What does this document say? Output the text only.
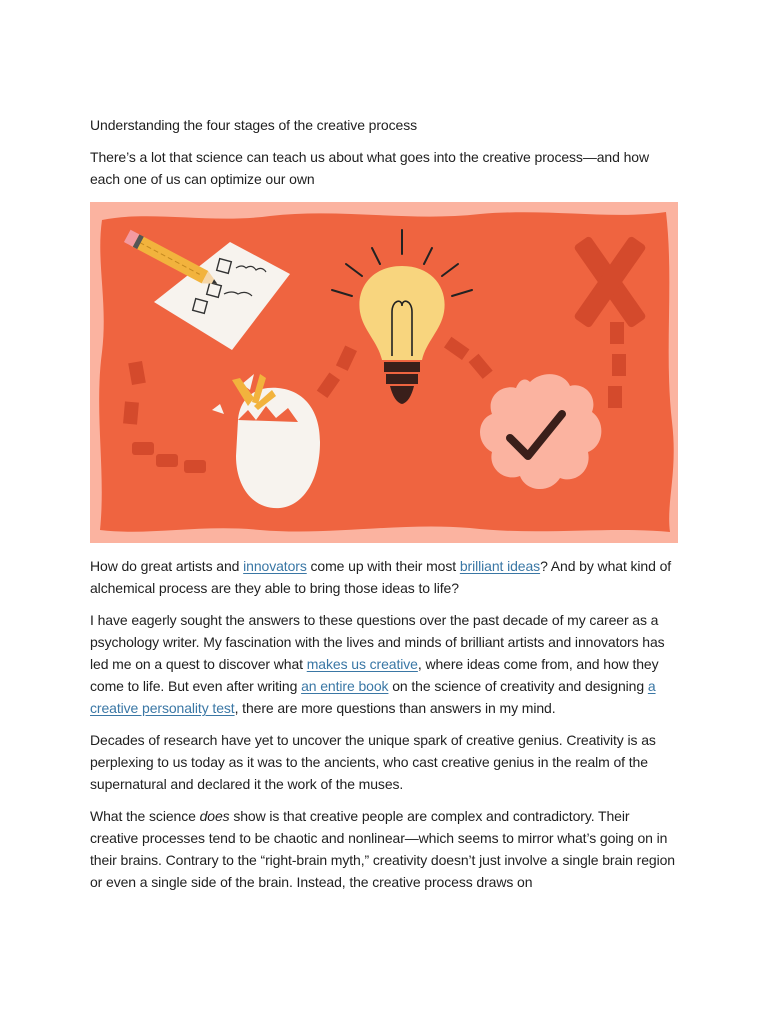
Understanding the four stages of the creative process

There’s a lot that science can teach us about what goes into the creative process—and how each one of us can optimize our own

How do great artists and innovators come up with their most brilliant ideas? And by what kind of alchemical process are they able to bring those ideas to life?

I have eagerly sought the answers to these questions over the past decade of my career as a psychology writer. My fascination with the lives and minds of brilliant artists and innovators has led me on a quest to discover what makes us creative, where ideas come from, and how they come to life. But even after writing an entire book on the science of creativity and designing a creative personality test, there are more questions than answers in my mind.

Decades of research have yet to uncover the unique spark of creative genius. Creativity is as perplexing to us today as it was to the ancients, who cast creative genius in the realm of the supernatural and declared it the work of the muses.

What the science does show is that creative people are complex and contradictory. Their creative processes tend to be chaotic and nonlinear—which seems to mirror what’s going on in their brains. Contrary to the “right-brain myth,” creativity doesn’t just involve a single brain region or even a single side of the brain. Instead, the creative process draws on
